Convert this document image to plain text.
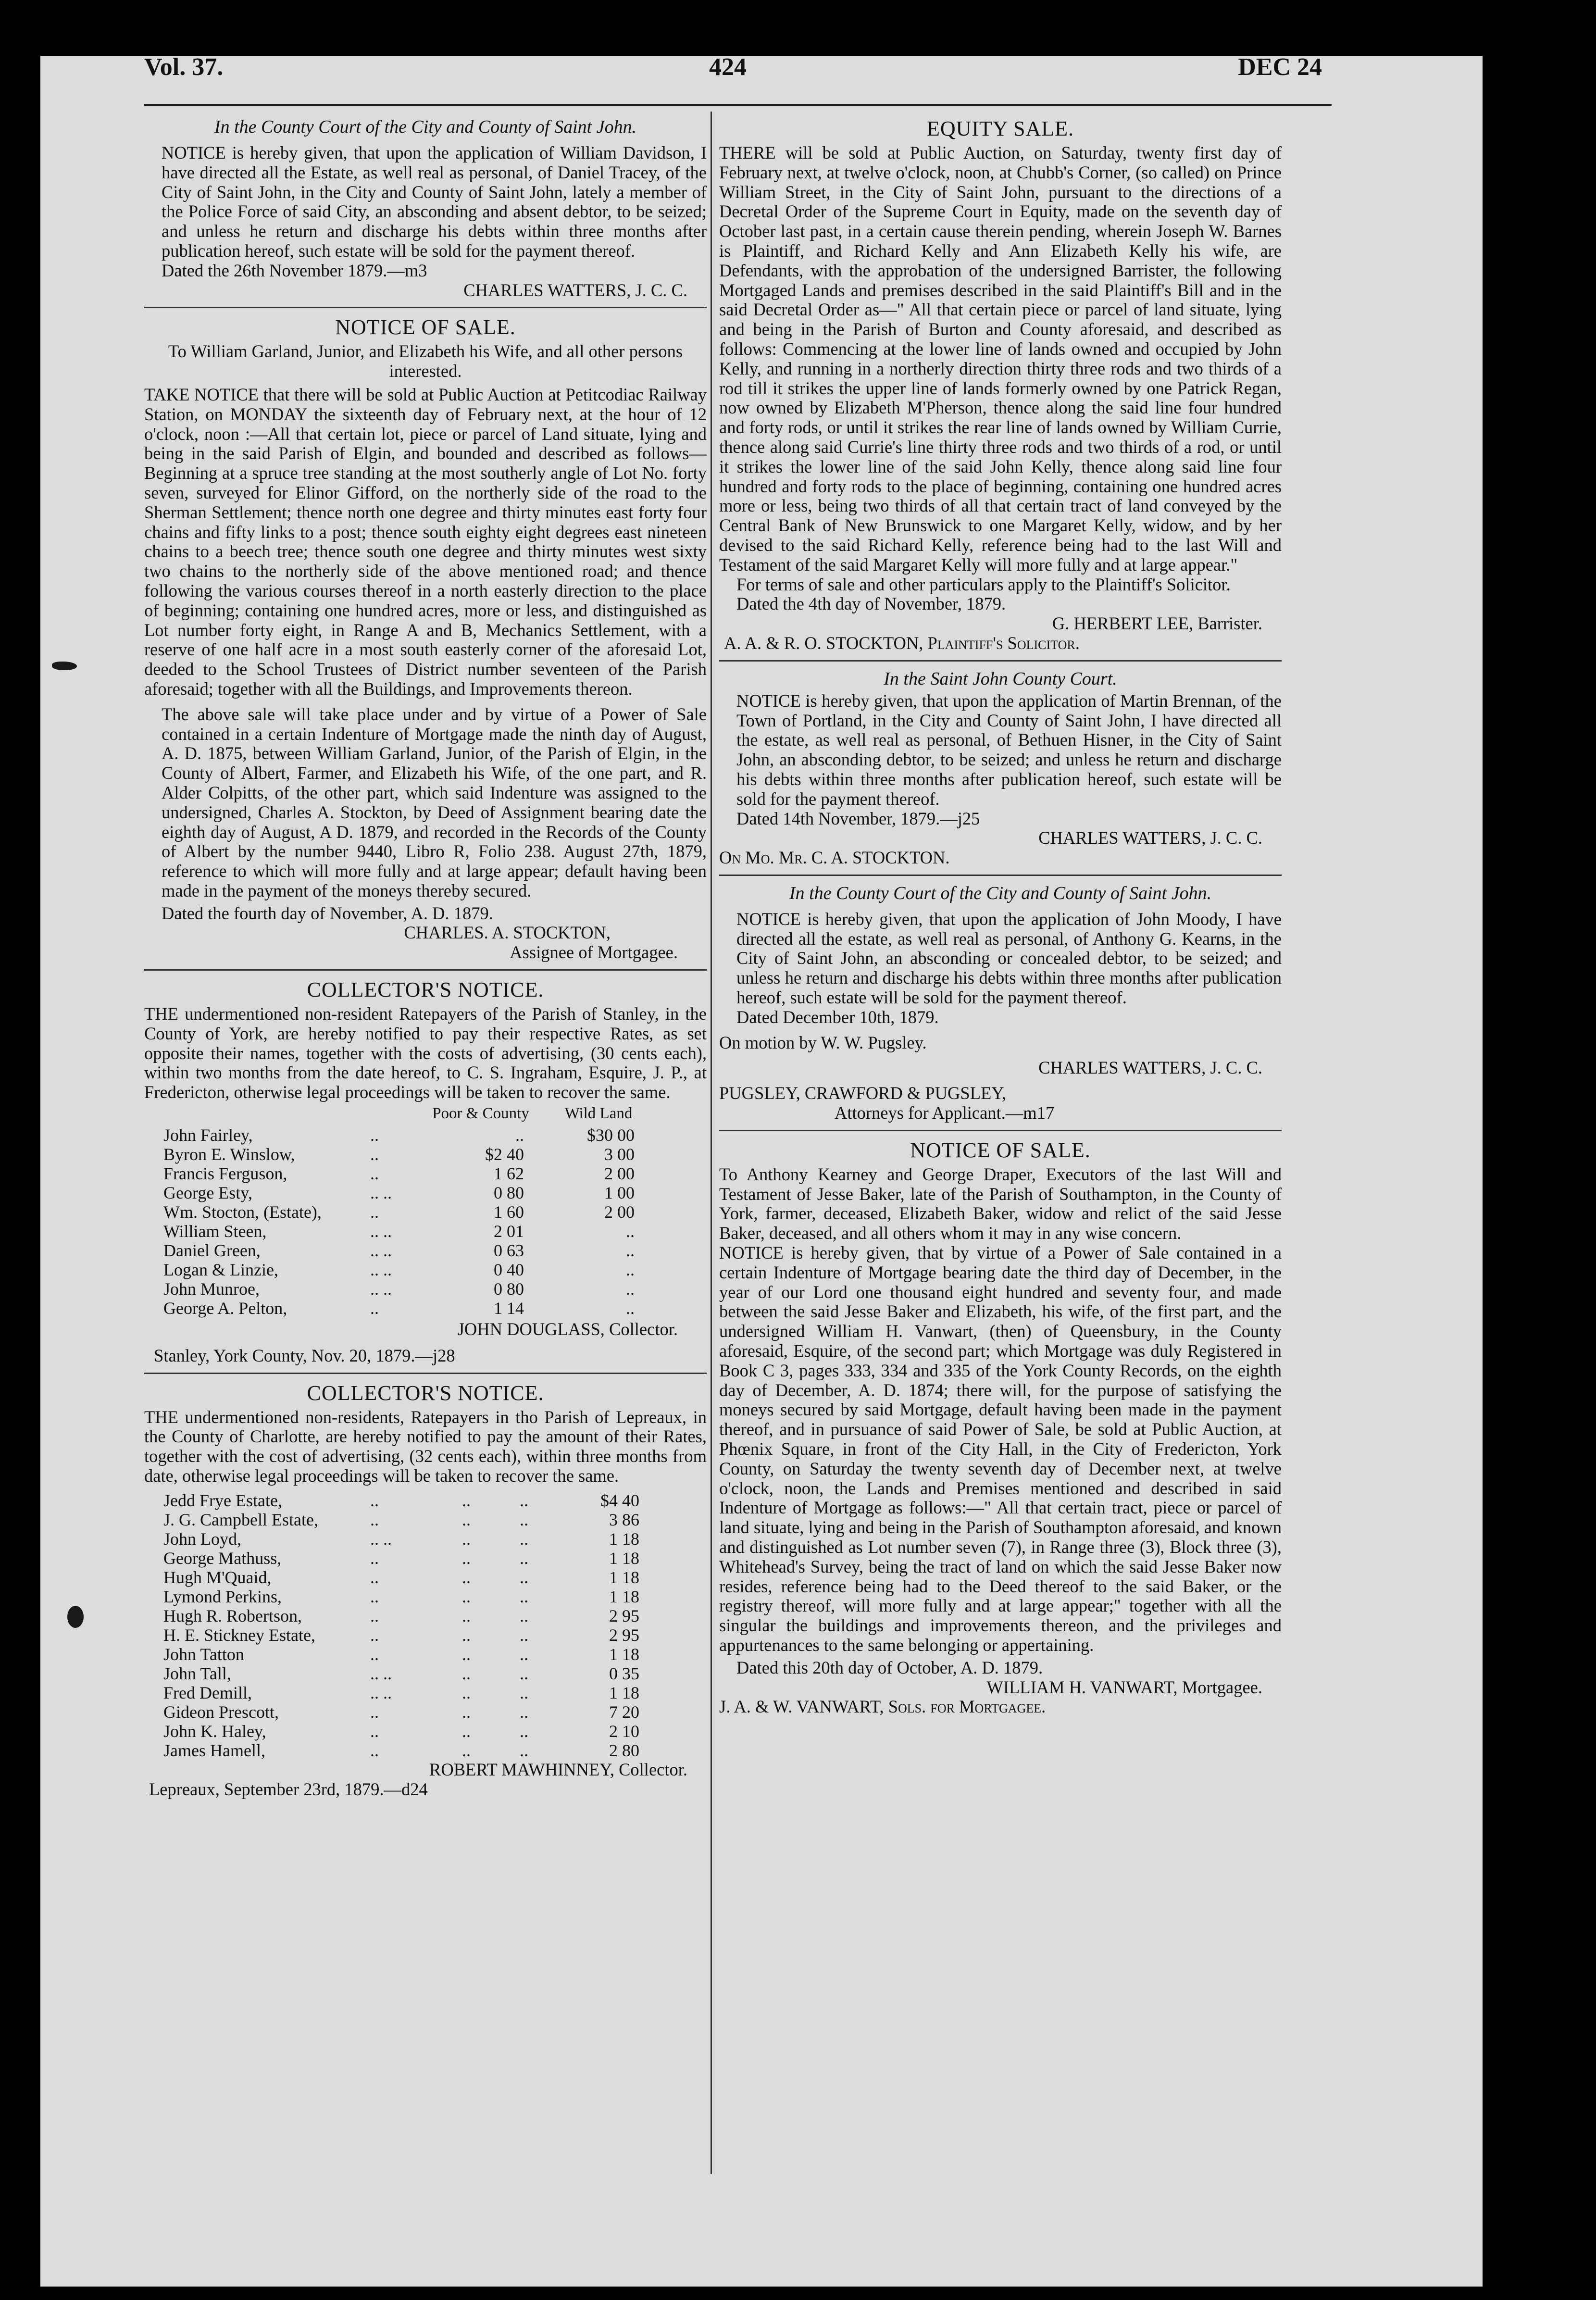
Vol. 37.	424	DEC 24
In the County Court of the City and County of Saint John.

NOTICE is hereby given, that upon the application of William Davidson, I have directed all the Estate, as well real as personal, of Daniel Tracey, of the City of Saint John, in the City and County of Saint John, lately a member of the Police Force of said City, an absconding and absent debtor, to be seized; and unless he return and discharge his debts within three months after publication hereof, such estate will be sold for the payment thereof.

Dated the 26th November 1879.—m3

CHARLES WATTERS, J. C. C.

NOTICE OF SALE.

To William Garland, Junior, and Elizabeth his Wife, and all other persons interested.

TAKE NOTICE that there will be sold at Public Auction at Petitcodiac Railway Station, on MONDAY the sixteenth day of February next, at the hour of 12 o'clock, noon :—All that certain lot, piece or parcel of Land situate, lying and being in the said Parish of Elgin, and bounded and described as follows—Beginning at a spruce tree standing at the most southerly angle of Lot No. forty seven, surveyed for Elinor Gifford, on the northerly side of the road to the Sherman Settlement; thence north one degree and thirty minutes east forty four chains and fifty links to a post; thence south eighty eight degrees east nineteen chains to a beech tree; thence south one degree and thirty minutes west sixty two chains to the northerly side of the above mentioned road; and thence following the various courses thereof in a north easterly direction to the place of beginning; containing one hundred acres, more or less, and distinguished as Lot number forty eight, in Range A and B, Mechanics Settlement, with a reserve of one half acre in a most south easterly corner of the aforesaid Lot, deeded to the School Trustees of District number seventeen of the Parish aforesaid; together with all the Buildings, and Improvements thereon.

The above sale will take place under and by virtue of a Power of Sale contained in a certain Indenture of Mortgage made the ninth day of August, A. D. 1875, between William Garland, Junior, of the Parish of Elgin, in the County of Albert, Farmer, and Elizabeth his Wife, of the one part, and R. Alder Colpitts, of the other part, which said Indenture was assigned to the undersigned, Charles A. Stockton, by Deed of Assignment bearing date the eighth day of August, A D. 1879, and recorded in the Records of the County of Albert by the number 9440, Libro R, Folio 238. August 27th, 1879, reference to which will more fully and at large appear; default having been made in the payment of the moneys thereby secured.

Dated the fourth day of November, A. D. 1879.

CHARLES. A. STOCKTON,

Assignee of Mortgagee.

COLLECTOR'S NOTICE.

THE undermentioned non-resident Ratepayers of the Parish of Stanley, in the County of York, are hereby notified to pay their respective Rates, as set opposite their names, together with the costs of advertising, (30 cents each), within two months from the date hereof, to C. S. Ingraham, Esquire, J. P., at Fredericton, otherwise legal proceedings will be taken to recover the same.

Poor & County	Wild Land
John Fairley,	..	..	$30 00
Byron E. Winslow,	..	$2 40	3 00
Francis Ferguson,	..	1 62	2 00
George Esty,	.. ..	0 80	1 00
Wm. Stocton, (Estate),	..	1 60	2 00
William Steen,	.. ..	2 01	..
Daniel Green,	.. ..	0 63	..
Logan & Linzie,	.. ..	0 40	..
John Munroe,	.. ..	0 80	..
George A. Pelton,	..	1 14	..

JOHN DOUGLASS, Collector.

Stanley, York County, Nov. 20, 1879.—j28

COLLECTOR'S NOTICE.

THE undermentioned non-residents, Ratepayers in tho Parish of Lepreaux, in the County of Charlotte, are hereby notified to pay the amount of their Rates, together with the cost of advertising, (32 cents each), within three months from date, otherwise legal proceedings will be taken to recover the same.

Jedd Frye Estate,	..	..	..	$4 40
J. G. Campbell Estate,	..	..	..	3 86
John Loyd,	.. ..	..	..	1 18
George Mathuss,	..	..	..	1 18
Hugh M'Quaid,	..	..	..	1 18
Lymond Perkins,	..	..	..	1 18
Hugh R. Robertson,	..	..	..	2 95
H. E. Stickney Estate,	..	..	..	2 95
John Tatton	..	..	..	1 18
John Tall,	.. ..	..	..	0 35
Fred Demill,	.. ..	..	..	1 18
Gideon Prescott,	..	..	..	7 20
John K. Haley,	..	..	..	2 10
James Hamell,	..	..	..	2 80

ROBERT MAWHINNEY, Collector.

Lepreaux, September 23rd, 1879.—d24

EQUITY SALE.

THERE will be sold at Public Auction, on Saturday, twenty first day of February next, at twelve o'clock, noon, at Chubb's Corner, (so called) on Prince William Street, in the City of Saint John, pursuant to the directions of a Decretal Order of the Supreme Court in Equity, made on the seventh day of October last past, in a certain cause therein pending, wherein Joseph W. Barnes is Plaintiff, and Richard Kelly and Ann Elizabeth Kelly his wife, are Defendants, with the approbation of the undersigned Barrister, the following Mortgaged Lands and premises described in the said Plaintiff's Bill and in the said Decretal Order as—" All that certain piece or parcel of land situate, lying and being in the Parish of Burton and County aforesaid, and described as follows: Commencing at the lower line of lands owned and occupied by John Kelly, and running in a northerly direction thirty three rods and two thirds of a rod till it strikes the upper line of lands formerly owned by one Patrick Regan, now owned by Elizabeth M'Pherson, thence along the said line four hundred and forty rods, or until it strikes the rear line of lands owned by William Currie, thence along said Currie's line thirty three rods and two thirds of a rod, or until it strikes the lower line of the said John Kelly, thence along said line four hundred and forty rods to the place of beginning, containing one hundred acres more or less, being two thirds of all that certain tract of land conveyed by the Central Bank of New Brunswick to one Margaret Kelly, widow, and by her devised to the said Richard Kelly, reference being had to the last Will and Testament of the said Margaret Kelly will more fully and at large appear."

For terms of sale and other particulars apply to the Plaintiff's Solicitor.

Dated the 4th day of November, 1879.

G. HERBERT LEE, Barrister.

A. A. & R. O. STOCKTON, Plaintiff's Solicitor.

In the Saint John County Court.

NOTICE is hereby given, that upon the application of Martin Brennan, of the Town of Portland, in the City and County of Saint John, I have directed all the estate, as well real as personal, of Bethuen Hisner, in the City of Saint John, an absconding debtor, to be seized; and unless he return and discharge his debts within three months after publication hereof, such estate will be sold for the payment thereof.

Dated 14th November, 1879.—j25

CHARLES WATTERS, J. C. C.

On Mo. Mr. C. A. STOCKTON.

In the County Court of the City and County of Saint John.

NOTICE is hereby given, that upon the application of John Moody, I have directed all the estate, as well real as personal, of Anthony G. Kearns, in the City of Saint John, an absconding or concealed debtor, to be seized; and unless he return and discharge his debts within three months after publication hereof, such estate will be sold for the payment thereof.

Dated December 10th, 1879.

On motion by W. W. Pugsley.

CHARLES WATTERS, J. C. C.

PUGSLEY, CRAWFORD & PUGSLEY,

Attorneys for Applicant.—m17

NOTICE OF SALE.

To Anthony Kearney and George Draper, Executors of the last Will and Testament of Jesse Baker, late of the Parish of Southampton, in the County of York, farmer, deceased, Elizabeth Baker, widow and relict of the said Jesse Baker, deceased, and all others whom it may in any wise concern.

NOTICE is hereby given, that by virtue of a Power of Sale contained in a certain Indenture of Mortgage bearing date the third day of December, in the year of our Lord one thousand eight hundred and seventy four, and made between the said Jesse Baker and Elizabeth, his wife, of the first part, and the undersigned William H. Vanwart, (then) of Queensbury, in the County aforesaid, Esquire, of the second part; which Mortgage was duly Registered in Book C 3, pages 333, 334 and 335 of the York County Records, on the eighth day of December, A. D. 1874; there will, for the purpose of satisfying the moneys secured by said Mortgage, default having been made in the payment thereof, and in pursuance of said Power of Sale, be sold at Public Auction, at Phœnix Square, in front of the City Hall, in the City of Fredericton, York County, on Saturday the twenty seventh day of December next, at twelve o'clock, noon, the Lands and Premises mentioned and described in said Indenture of Mortgage as follows:—" All that certain tract, piece or parcel of land situate, lying and being in the Parish of Southampton aforesaid, and known and distinguished as Lot number seven (7), in Range three (3), Block three (3), Whitehead's Survey, being the tract of land on which the said Jesse Baker now resides, reference being had to the Deed thereof to the said Baker, or the registry thereof, will more fully and at large appear;" together with all the singular the buildings and improvements thereon, and the privileges and appurtenances to the same belonging or appertaining.

Dated this 20th day of October, A. D. 1879.

WILLIAM H. VANWART, Mortgagee.

J. A. & W. VANWART, Sols. for Mortgagee.
